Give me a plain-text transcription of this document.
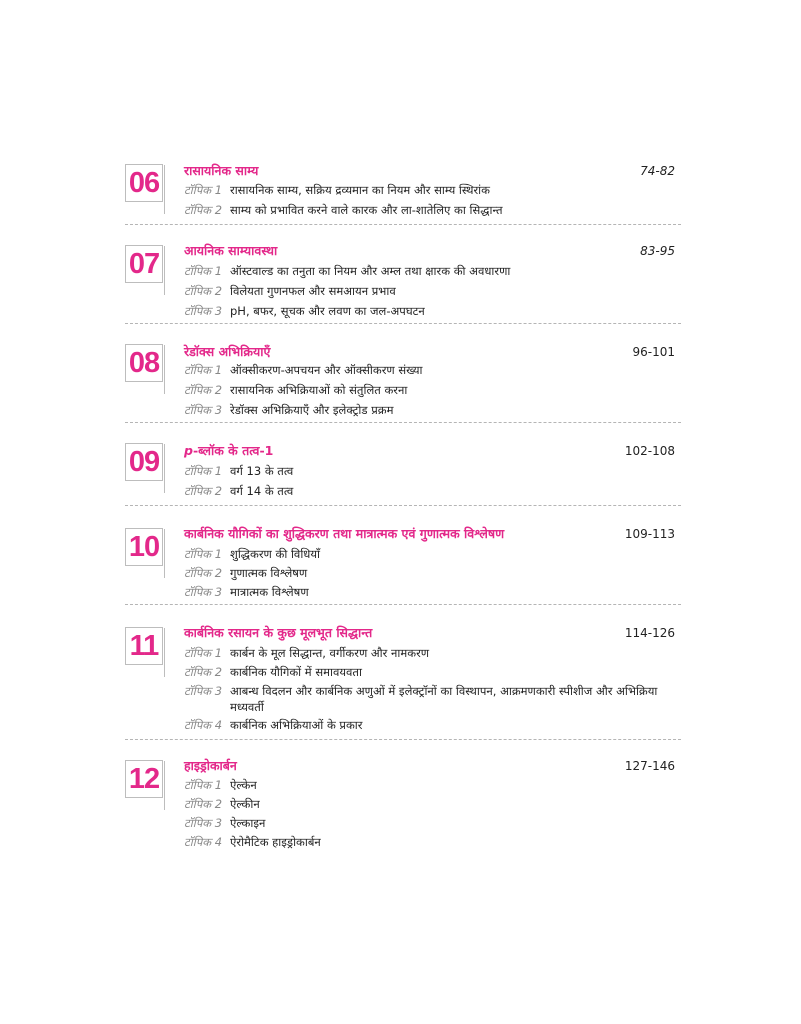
06	रासायनिक साम्य	74-82
टॉपिक 1 रासायनिक साम्य, सक्रिय द्रव्यमान का नियम और साम्य स्थिरांक
टॉपिक 2 साम्य को प्रभावित करने वाले कारक और ला-शातेलिए का सिद्धान्त
07	आयनिक साम्यावस्था	83-95
टॉपिक 1 ऑस्टवाल्ड का तनुता का नियम और अम्ल तथा क्षारक की अवधारणा
टॉपिक 2 विलेयता गुणनफल और समआयन प्रभाव
टॉपिक 3 pH, बफर, सूचक और लवण का जल-अपघटन
08	रेडॉक्स अभिक्रियाएँ	96-101
टॉपिक 1 ऑक्सीकरण-अपचयन और ऑक्सीकरण संख्या
टॉपिक 2 रासायनिक अभिक्रियाओं को संतुलित करना
टॉपिक 3 रेडॉक्स अभिक्रियाएँ और इलेक्ट्रोड प्रक्रम
09	p-ब्लॉक के तत्व-1	102-108
टॉपिक 1 वर्ग 13 के तत्व
टॉपिक 2 वर्ग 14 के तत्व
10	कार्बनिक यौगिकों का शुद्धिकरण तथा मात्रात्मक एवं गुणात्मक विश्लेषण	109-113
टॉपिक 1 शुद्धिकरण की विधियाँ
टॉपिक 2 गुणात्मक विश्लेषण
टॉपिक 3 मात्रात्मक विश्लेषण
11	कार्बनिक रसायन के कुछ मूलभूत सिद्धान्त	114-126
टॉपिक 1 कार्बन के मूल सिद्धान्त, वर्गीकरण और नामकरण
टॉपिक 2 कार्बनिक यौगिकों में समावयवता
टॉपिक 3 आबन्ध विदलन और कार्बनिक अणुओं में इलेक्ट्रॉनों का विस्थापन, आक्रमणकारी स्पीशीज और अभिक्रिया मध्यवर्ती
टॉपिक 4 कार्बनिक अभिक्रियाओं के प्रकार
12	हाइड्रोकार्बन	127-146
टॉपिक 1 ऐल्केन
टॉपिक 2 ऐल्कीन
टॉपिक 3 ऐल्काइन
टॉपिक 4 ऐरोमैटिक हाइड्रोकार्बन
